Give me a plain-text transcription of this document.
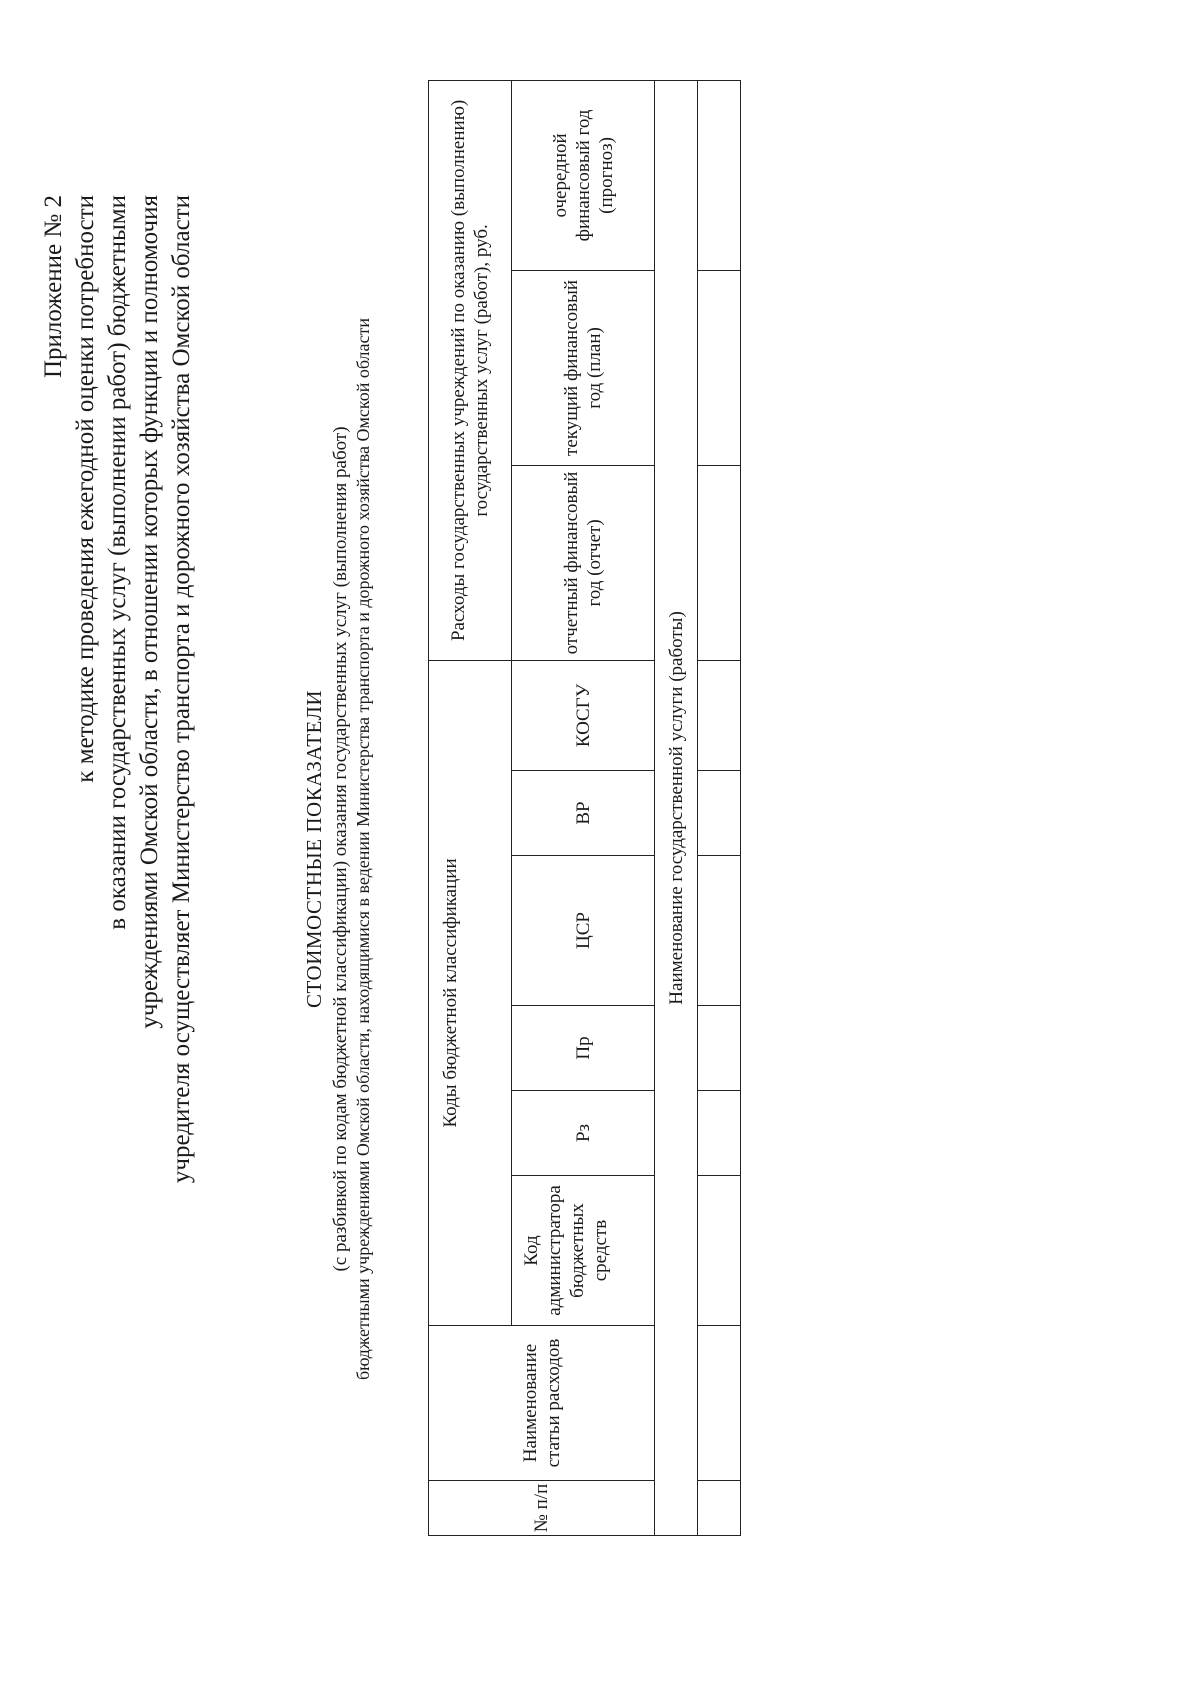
Приложение № 2 к методике проведения ежегодной оценки потребности в оказании государственных услуг (выполнении работ) бюджетными учреждениями Омской области, в отношении которых функции и полномочия учредителя осуществляет Министерство транспорта и дорожного хозяйства Омской области	СТОИМОСТНЫЕ ПОКАЗАТЕЛИ (с разбивкой по кодам бюджетной классификации) оказания государственных услуг (выполнения работ) бюджетными учреждениями Омской области, находящимися в ведении Министерства транспорта и дорожного хозяйства Омской области
№ п/п	Наименование статьи расходов	Коды бюджетной классификации						Расходы государственных учреждений по оказанию (выполнению) государственных услуг (работ), руб.		
		Код администратора бюджетных средств	Рз	Пр	ЦСР	ВР	КОСГУ	отчетный финансовый год (отчет)	текущий финансовый год (план)	очередной финансовый год (прогноз)
Наименование государственной услуги (работы)										
